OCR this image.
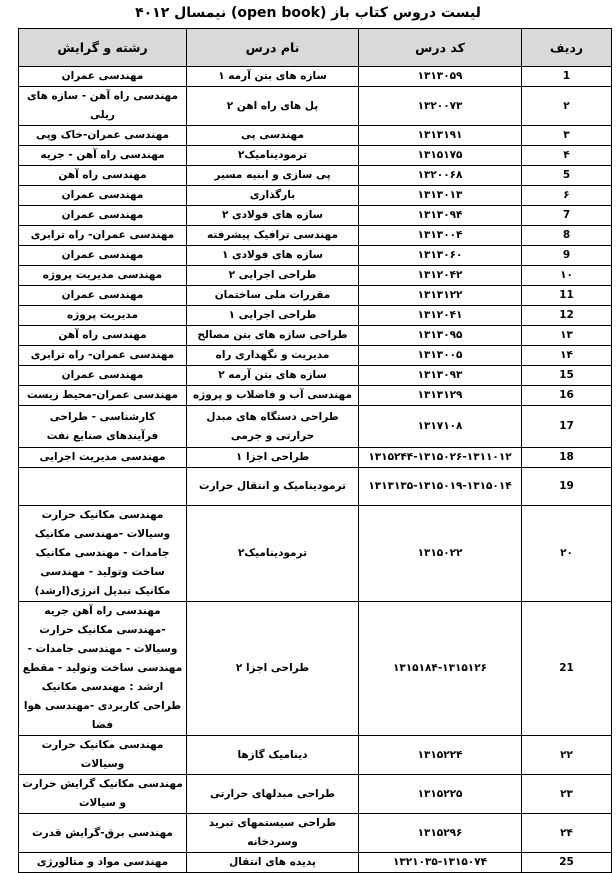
لیست دروس کتاب باز (open book) نیمسال ۴۰۱۲
ردیف	کد درس	نام درس	رشته و گرایش
1	۱۳۱۳۰۵۹	سازه های بتن آرمه ۱	مهندسی عمران
۲	۱۳۲۰۰۷۳	پل های راه اهن ۲	مهندسی راه آهن - سازه های ریلی
۳	۱۳۱۳۱۹۱	مهندسی پی	مهندسی عمران-خاک وپی
۴	۱۳۱۵۱۷۵	ترمودینامیک۲	مهندسی راه آهن - جریه
5	۱۳۲۰۰۶۸	پی سازی و ابنیه مسیر	مهندسی راه آهن
۶	۱۳۱۳۰۱۳	بارگذاری	مهندسی عمران
7	۱۳۱۳۰۹۴	سازه های فولادی ۲	مهندسی عمران
8	۱۳۱۳۰۰۴	مهندسی ترافیک پیشرفته	مهندسی عمران- راه ترابری
9	۱۳۱۳۰۶۰	سازه های فولادی ۱	مهندسی عمران
۱۰	۱۳۱۲۰۴۲	طراحی اجرایی ۲	مهندسی مدیریت پروژه
11	۱۳۱۳۱۲۲	مقررات ملی ساختمان	مهندسی عمران
12	۱۳۱۲۰۴۱	طراحی اجرایی ۱	مدیریت پروژه
۱۳	۱۳۱۳۰۹۵	طراحی سازه های بتن مصالح	مهندسی راه آهن
۱۴	۱۳۱۳۰۰۵	مدیریت و نگهداری راه	مهندسی عمران- راه ترابری
15	۱۳۱۳۰۹۳	سازه های بتن آرمه ۲	مهندسی عمران
16	۱۳۱۳۱۲۹	مهندسی آب و فاضلاب و پروژه	مهندسی عمران-محیط زیست
17	۱۳۱۷۱۰۸	طراحی دستگاه های مبدل حرارتی و جرمی	کارشناسی - طراحی فرآیندهای صنایع نفت
18	۱۳۱۵۲۴۴-۱۳۱۵۰۲۶-۱۳۱۱۰۱۲	طراحی اجزا ۱	مهندسی مدیریت اجرایی
19	۱۳۱۳۱۳۵-۱۳۱۵۰۱۹-۱۳۱۵۰۱۴	ترمودینامیک و انتقال حرارت	
۲۰	۱۳۱۵۰۲۲	ترمودینامیک۲	مهندسی مکانیک حرارت وسیالات -مهندسی مکانیک جامدات - مهندسی مکانیک ساخت وتولید - مهندسی مکانیک تبدیل انرژی(ارشد)
21	۱۳۱۵۱۸۴-۱۳۱۵۱۲۶	طراحی اجزا ۲	مهندسی راه آهن جریه -مهندسی مکانیک حرارت وسیالات - مهندسی جامدات - مهندسی ساخت وتولید - مقطع ارشد : مهندسی مکانیک طراحی کاربردی -مهندسی هوا فضا
۲۲	۱۳۱۵۲۲۴	دینامیک گازها	مهندسی مکانیک حرارت وسیالات
۲۳	۱۳۱۵۲۲۵	طراحی مبدلهای حرارتی	مهندسی مکانیک گرایش حرارت و سیالات
۲۴	۱۳۱۵۲۹۶	طراحی سیستمهای تبرید وسردخانه	مهندسی برق-گرایش قدرت
25	۱۳۲۱۰۳۵-۱۳۱۵۰۷۴	پدیده های انتقال	مهندسی مواد و متالورژی
